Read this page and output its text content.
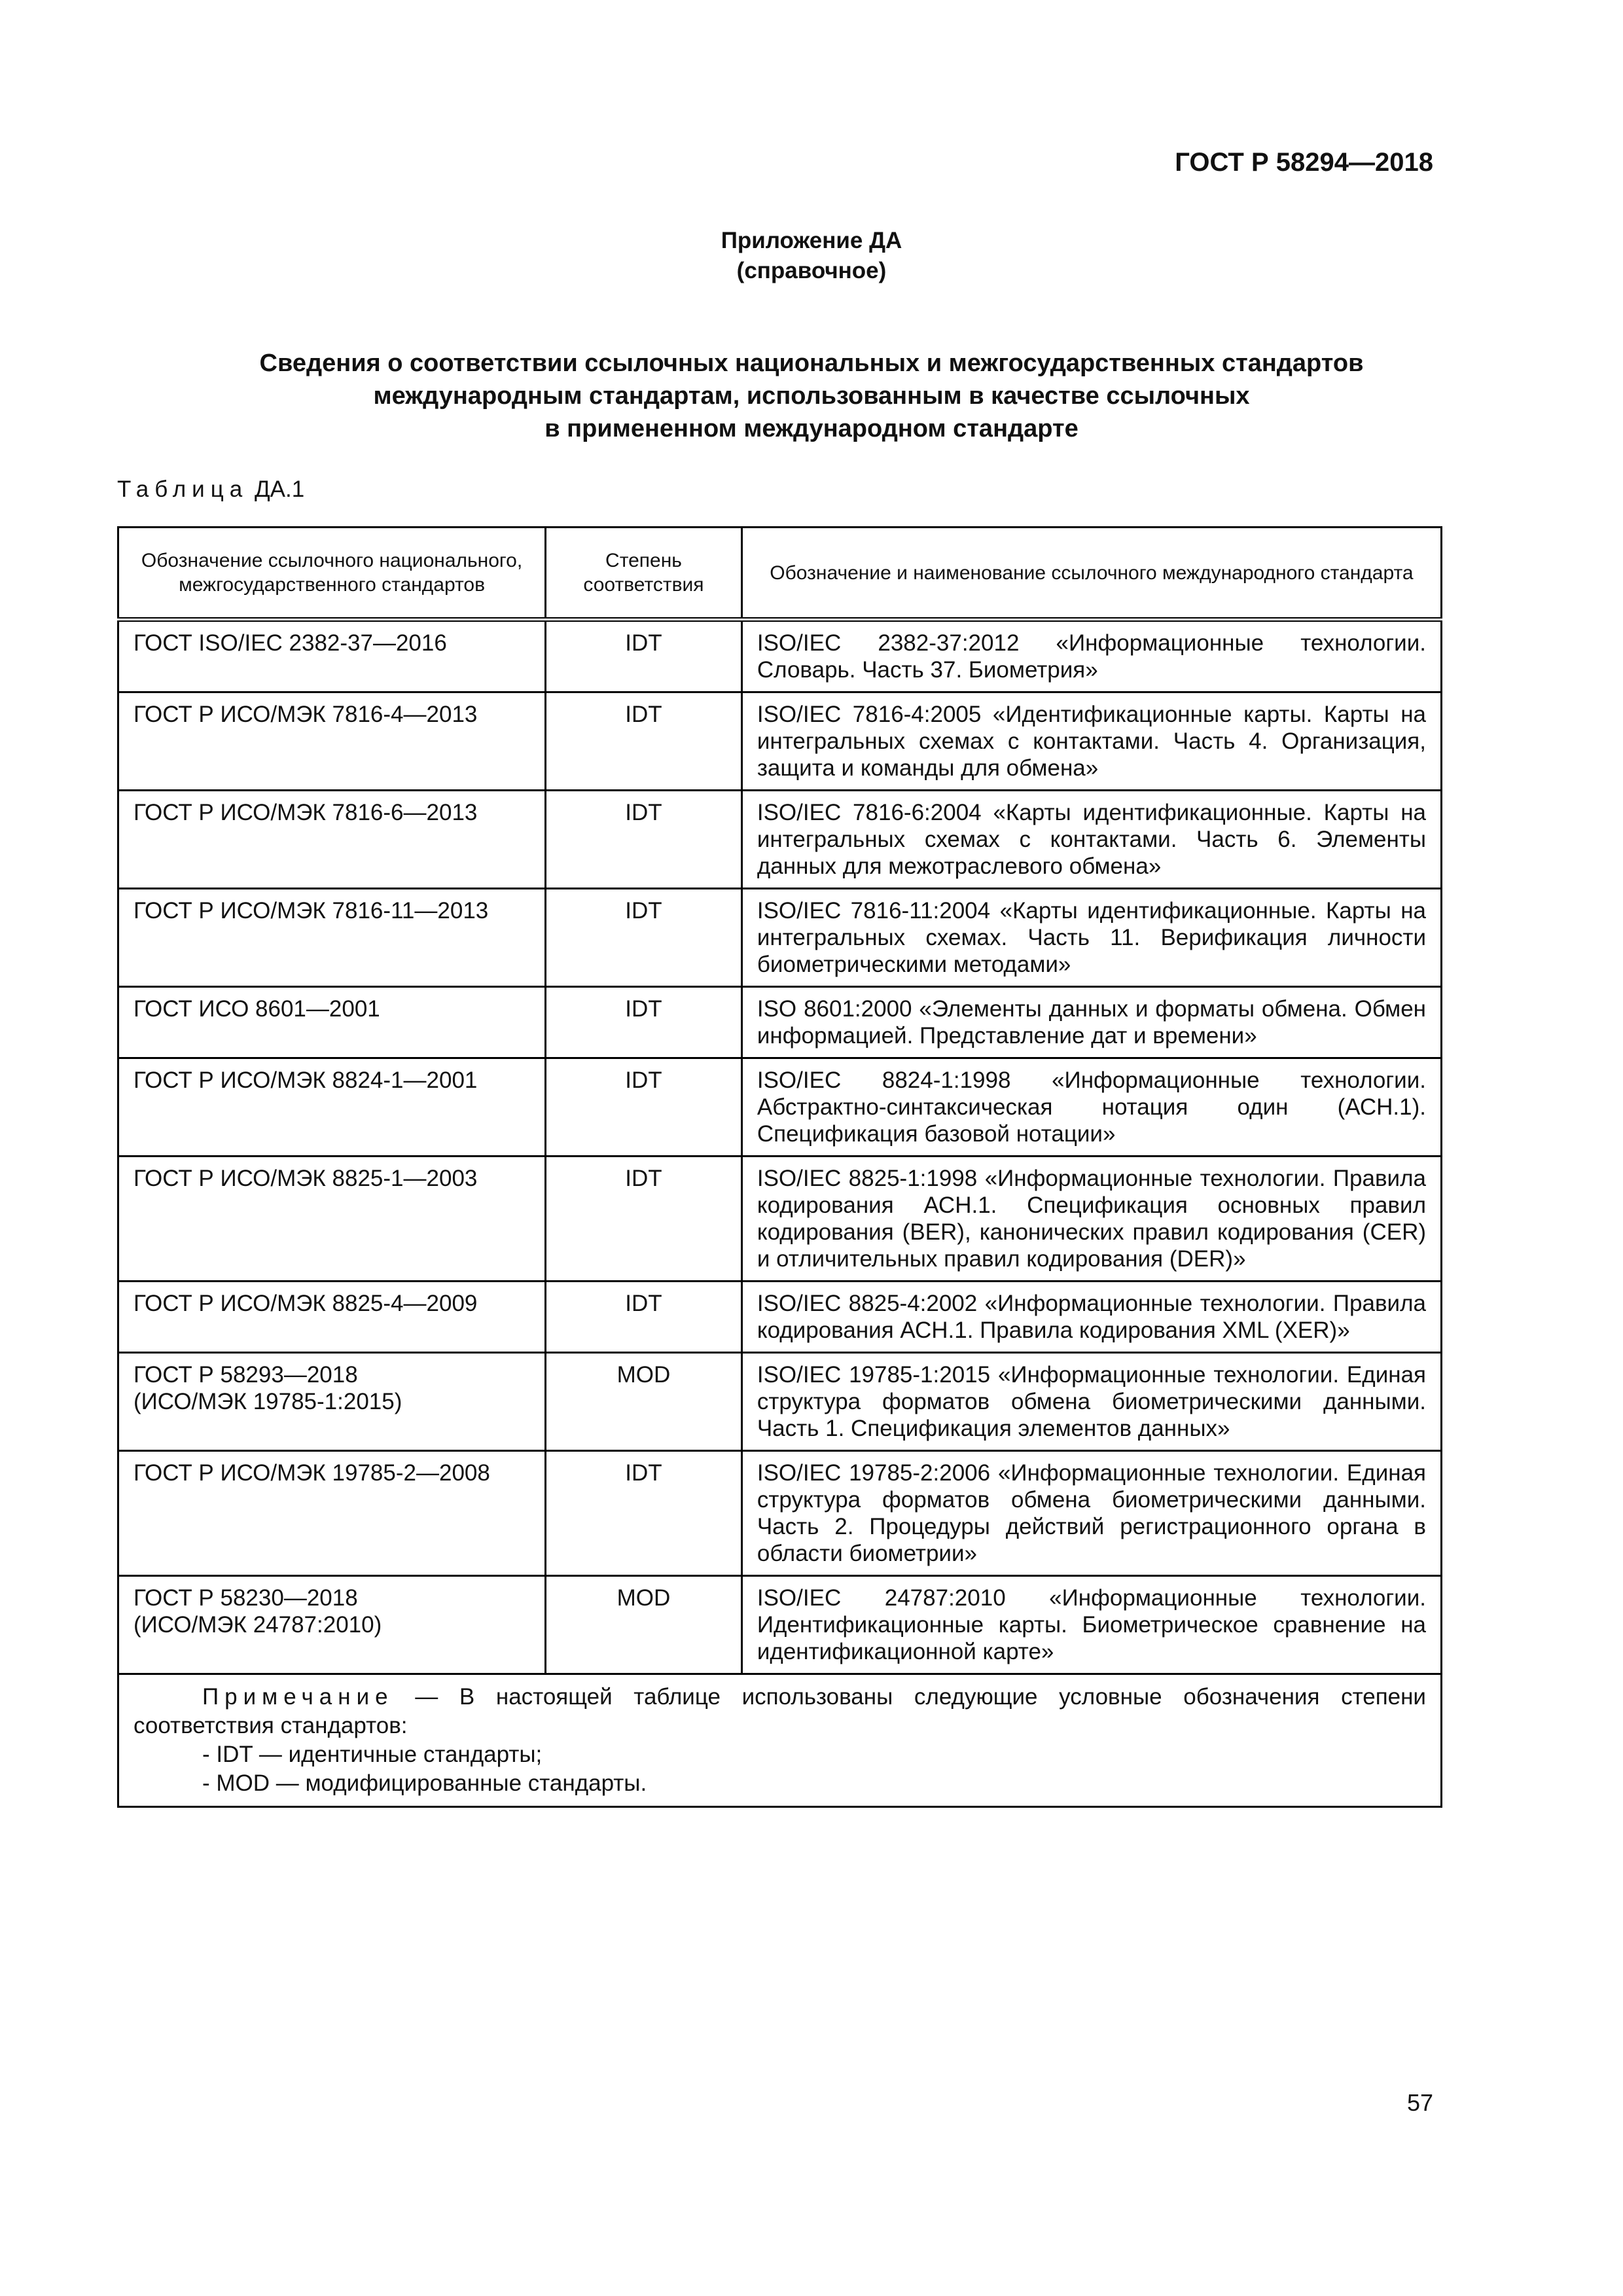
ГОСТ Р 58294—2018
Приложение ДА
(справочное)
Сведения о соответствии ссылочных национальных и межгосударственных стандартов
международным стандартам, использованным в качестве ссылочных
в примененном международном стандарте
Таблица ДА.1
Обозначение ссылочного национального, межгосударственного стандартов	Степень соответствия	Обозначение и наименование ссылочного международного стандарта
ГОСТ ISO/IEC 2382-37—2016	IDT	ISO/IEC 2382-37:2012 «Информационные технологии. Словарь. Часть 37. Биометрия»
ГОСТ Р ИСО/МЭК 7816-4—2013	IDT	ISO/IEC 7816-4:2005 «Идентификационные карты. Карты на интегральных схемах с контактами. Часть 4. Организация, защита и команды для обмена»
ГОСТ Р ИСО/МЭК 7816-6—2013	IDT	ISO/IEC 7816-6:2004 «Карты идентификационные. Карты на интегральных схемах с контактами. Часть 6. Элементы данных для межотраслевого обмена»
ГОСТ Р ИСО/МЭК 7816-11—2013	IDT	ISO/IEC 7816-11:2004 «Карты идентификационные. Карты на интегральных схемах. Часть 11. Верификация личности биометрическими методами»
ГОСТ ИСО 8601—2001	IDT	ISO 8601:2000 «Элементы данных и форматы обмена. Обмен информацией. Представление дат и времени»
ГОСТ Р ИСО/МЭК 8824-1—2001	IDT	ISO/IEC 8824-1:1998 «Информационные технологии. Абстрактно-синтаксическая нотация один (АСН.1). Спецификация базовой нотации»
ГОСТ Р ИСО/МЭК 8825-1—2003	IDT	ISO/IEC 8825-1:1998 «Информационные технологии. Правила кодирования АСН.1. Спецификация основных правил кодирования (BER), канонических правил кодирования (CER) и отличительных правил кодирования (DER)»
ГОСТ Р ИСО/МЭК 8825-4—2009	IDT	ISO/IEC 8825-4:2002 «Информационные технологии. Правила кодирования АСН.1. Правила кодирования XML (XER)»
ГОСТ Р 58293—2018
(ИСО/МЭК 19785-1:2015)	MOD	ISO/IEC 19785-1:2015 «Информационные технологии. Единая структура форматов обмена биометрическими данными. Часть 1. Спецификация элементов данных»
ГОСТ Р ИСО/МЭК 19785-2—2008	IDT	ISO/IEC 19785-2:2006 «Информационные технологии. Единая структура форматов обмена биометрическими данными. Часть 2. Процедуры действий регистрационного органа в области биометрии»
ГОСТ Р 58230—2018
(ИСО/МЭК 24787:2010)	MOD	ISO/IEC 24787:2010 «Информационные технологии. Идентификационные карты. Биометрическое сравнение на идентификационной карте»

Примечание — В настоящей таблице использованы следующие условные обозначения степени соответствия стандартов:
- IDT — идентичные стандарты;
- MOD — модифицированные стандарты.		
57
